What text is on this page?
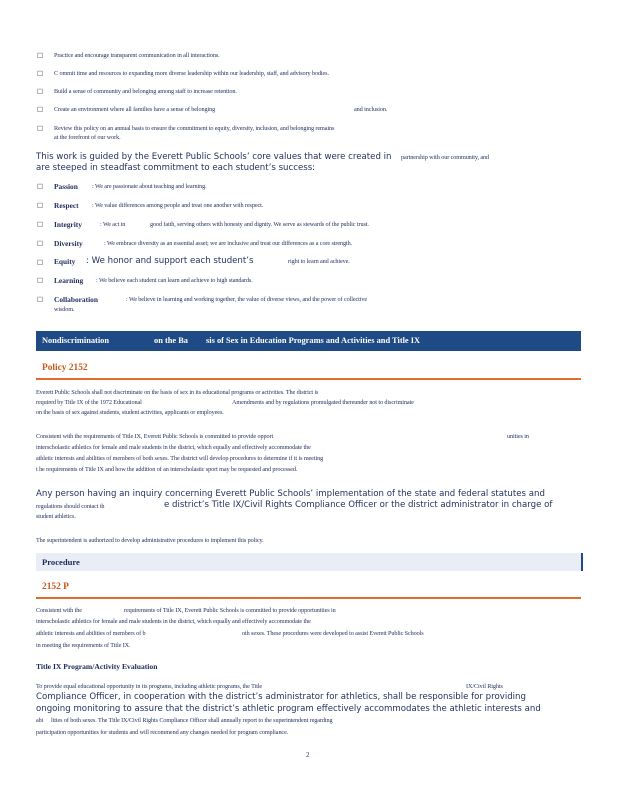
□ Practice and encourage transparent communication in all interactions.
□ C ommit time and resources to expanding more diverse leadership within our leadership, staff, and advisory bodies.
□ Build a sense of community and belonging among staff to increase retention.
□ Create an environment where all families have a sense of belonging	and inclusion.
□ Review this policy on an annual basis to ensure the commitment to equity, diversity, inclusion, and belonging remains
at the forefront of our work.
This work is guided by the Everett Public Schools’ core values that were created in partnership with our community, and
are steeped in steadfast commitment to each student’s success:
□ Passion : We are passionate about teaching and learning.
□ Respect : We value differences among people and treat one another with respect.
□ Integrity	: We act in	good faith, serving others with honesty and dignity. We serve as stewards of the public trust.
□ Diversity	: We embrace diversity as an essential asset; we are inclusive and treat our differences as a core strength.
□ Equity : We honor and support each student’s	right to learn and achieve.
□ Learning : We believe each student can learn and achieve to high standards.
□ Collaboration	: We believe in learning and working together, the value of diverse views, and the power of collective
wisdom.
Nondiscrimination	on the Ba sis of Sex in Education Programs and Activities and Title IX
Policy 2152
Everett Public Schools shall not discriminate on the basis of sex in its educational programs or activities. The district is
required by Title IX of the 1972 Educational	Amendments and by regulations promulgated thereunder not to discriminate
on the basis of sex against students, student activities, applicants or employees.
Consistent with the requirements of Title IX, Everett Public Schools is committed to provide opport	unities in
interscholastic athletics for female and male students in the district, which equally and effectively accommodate the
athletic interests and abilities of members of both sexes. The district will develop procedures to determine if it is meeting
t he requirements of Title IX and how the addition of an interscholastic sport may be requested and processed.
Any person having an inquiry concerning Everett Public Schools’ implementation of the state and federal statutes and
regulations should contact th	e district’s Title IX/Civil Rights Compliance Officer or the district administrator in charge of
student athletics.
The superintendent is authorized to develop administrative procedures to implement this policy.
Procedure
2152 P
Consistent with the	requirements of Title IX, Everett Public Schools is committed to provide opportunities in
interscholastic athletics for female and male students in the district, which equally and effectively accommodate the
athletic interests and abilities of members of b	oth sexes. These procedures were developed to assist Everett Public Schools
in meeting the requirements of Title IX.
Title IX Program/Activity Evaluation
To provide equal educational opportunity in its programs, including athletic programs, the Title	IX/Civil Rights
Compliance Officer, in cooperation with the district’s administrator for athletics, shall be responsible for providing
ongoing monitoring to assure that the district’s athletic program effectively accommodates the athletic interests and
abi lities of both sexes. The Title IX/Civil Rights Compliance Officer shall annually report to the superintendent regarding
participation opportunities for students and will recommend any changes needed for program compliance.
2
